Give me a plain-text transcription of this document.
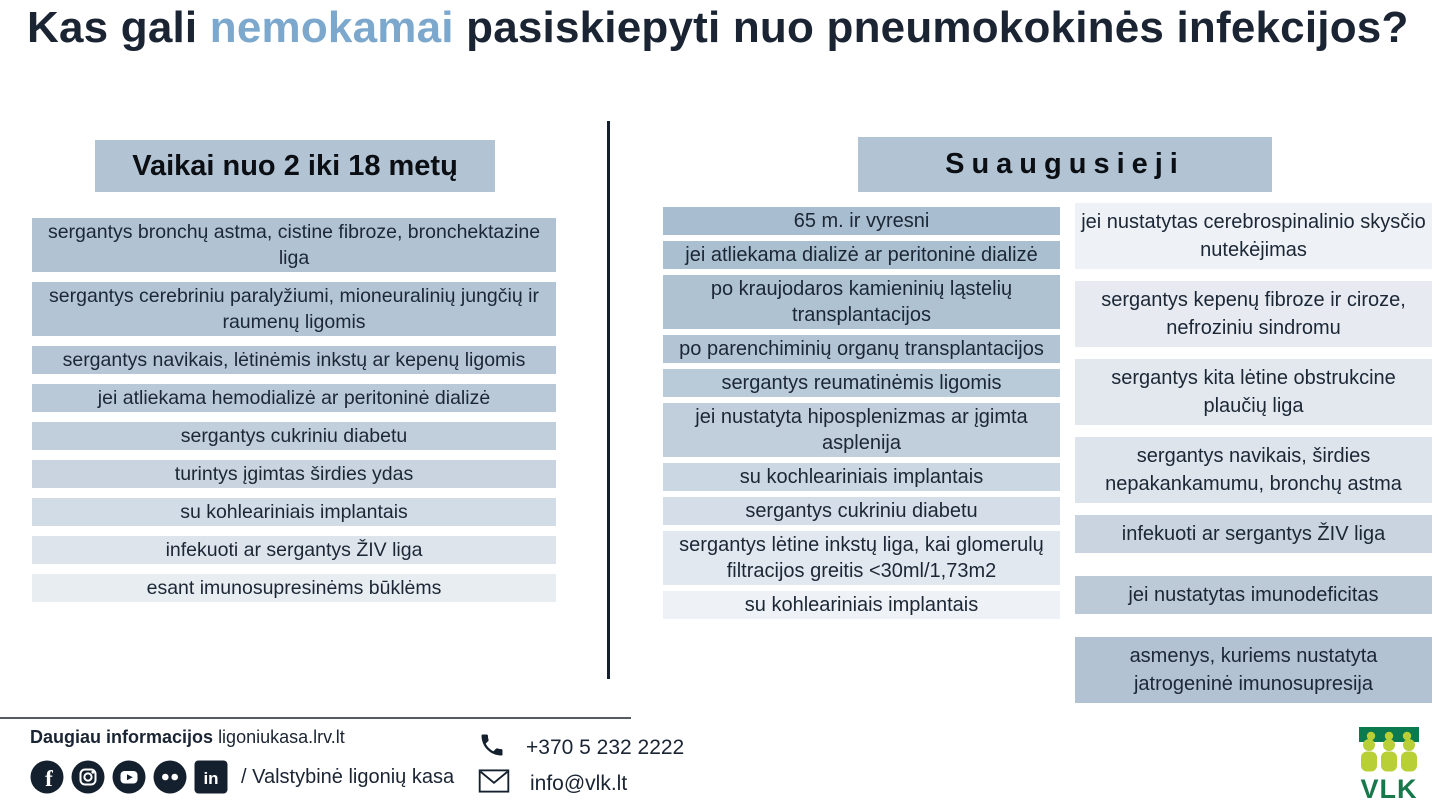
Kas gali nemokamai pasiskiepyti nuo pneumokokinės infekcijos?
Vaikai nuo 2 iki 18 metų	Suaugusieji
sergantys bronchų astma, cistine fibroze, bronchektazine liga
sergantys cerebriniu paralyžiumi, mioneuralinių jungčių ir raumenų ligomis
sergantys navikais, lėtinėmis inkstų ar kepenų ligomis
jei atliekama hemodializė ar peritoninė dializė
sergantys cukriniu diabetu
turintys įgimtas širdies ydas
su kohleariniais implantais
infekuoti ar sergantys ŽIV liga
esant imunosupresinėms būklėms
65 m. ir vyresni
jei atliekama dializė ar peritoninė dializė
po kraujodaros kamieninių ląstelių transplantacijos
po parenchiminių organų transplantacijos
sergantys reumatinėmis ligomis
jei nustatyta hiposplenizmas ar įgimta asplenija
su kochleariniais implantais
sergantys cukriniu diabetu
sergantys lėtine inkstų liga, kai glomerulų filtracijos greitis <30ml/1,73m2
su kohleariniais implantais
jei nustatytas cerebrospinalinio skysčio nutekėjimas
sergantys kepenų fibroze ir ciroze, nefroziniu sindromu
sergantys kita lėtine obstrukcine plaučių liga
sergantys navikais, širdies nepakankamumu, bronchų astma
infekuoti ar sergantys ŽIV liga
jei nustatytas imunodeficitas
asmenys, kuriems nustatyta jatrogeninė imunosupresija
Daugiau informacijos ligoniukasa.lrv.lt
f	in / Valstybinė ligonių kasa
+370 5 232 2222
info@vlk.lt	VLK
